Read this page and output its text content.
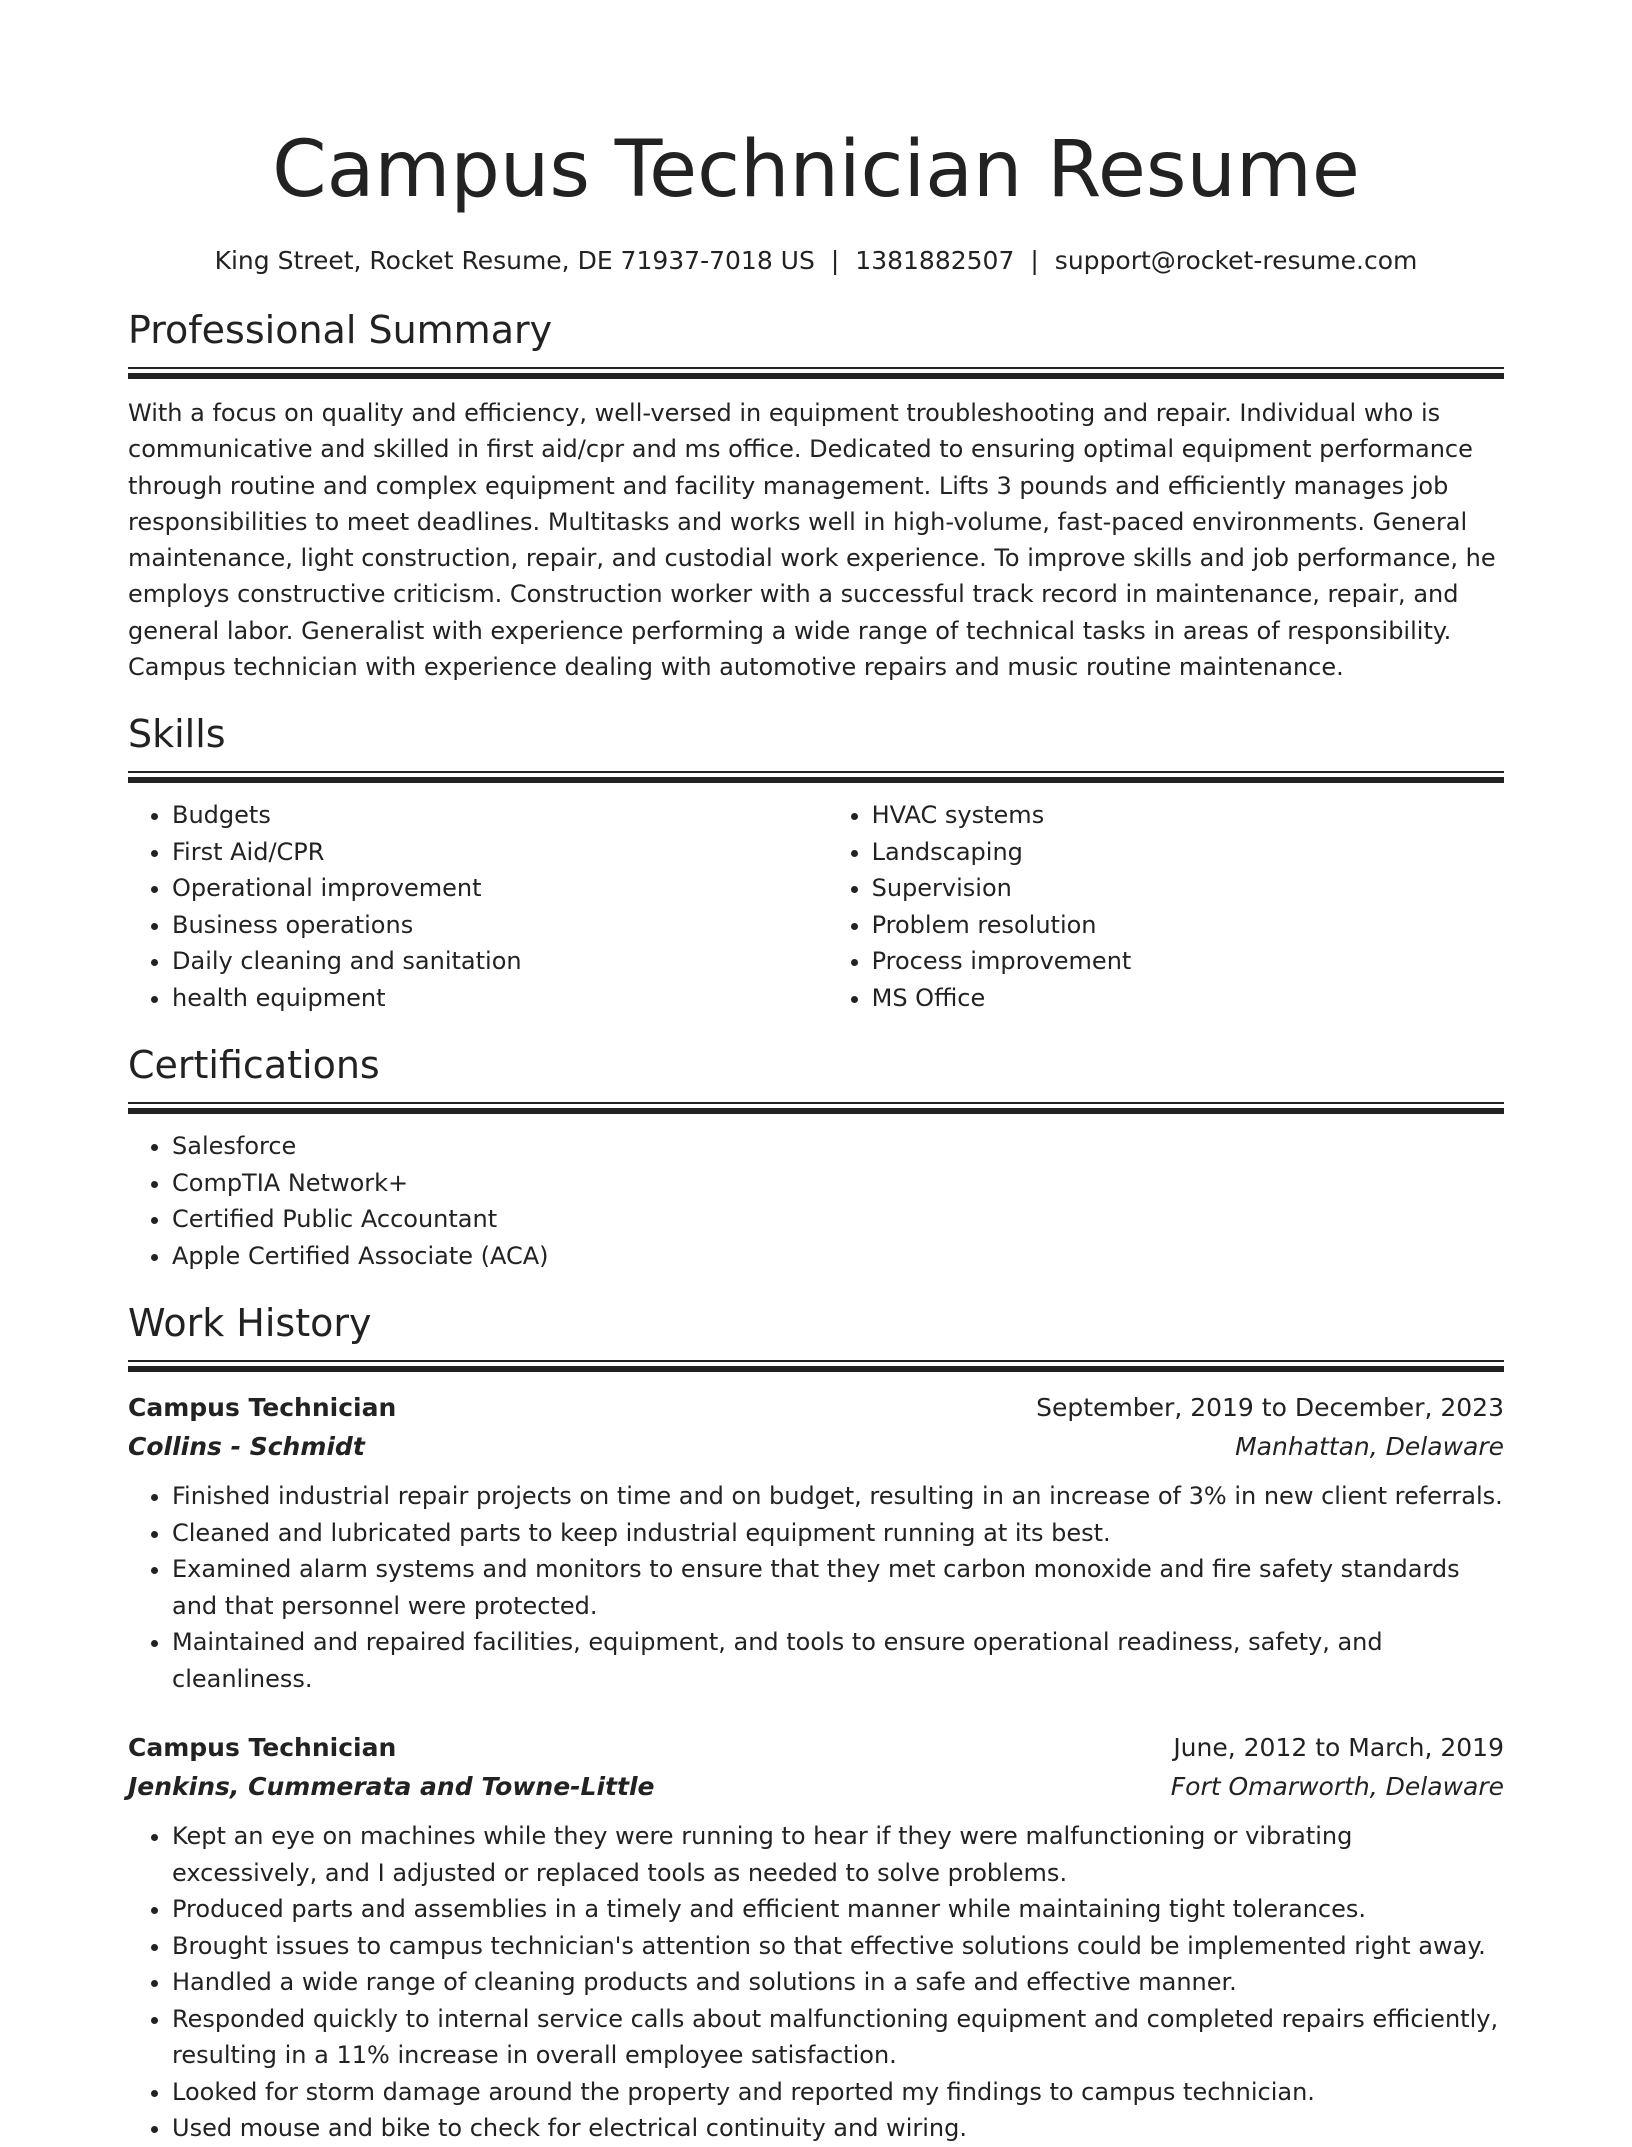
Campus Technician Resume
King Street, Rocket Resume, DE 71937-7018 US | 1381882507 | support@rocket-resume.com
Professional Summary

With a focus on quality and efficiency, well-versed in equipment troubleshooting and repair. Individual who is communicative and skilled in first aid/cpr and ms office. Dedicated to ensuring optimal equipment performance through routine and complex equipment and facility management. Lifts 3 pounds and efficiently manages job responsibilities to meet deadlines. Multitasks and works well in high-volume, fast-paced environments. General maintenance, light construction, repair, and custodial work experience. To improve skills and job performance, he employs constructive criticism. Construction worker with a successful track record in maintenance, repair, and general labor. Generalist with experience performing a wide range of technical tasks in areas of responsibility. Campus technician with experience dealing with automotive repairs and music routine maintenance.

Skills
• Budgets
• First Aid/CPR
• Operational improvement
• Business operations
• Daily cleaning and sanitation
• health equipment
• HVAC systems
• Landscaping
• Supervision
• Problem resolution
• Process improvement
• MS Office
Certifications
• Salesforce
• CompTIA Network+
• Certified Public Accountant
• Apple Certified Associate (ACA)
Work History
Campus Technician	September, 2019 to December, 2023
Collins - Schmidt	Manhattan, Delaware
• Finished industrial repair projects on time and on budget, resulting in an increase of 3% in new client referrals.
• Cleaned and lubricated parts to keep industrial equipment running at its best.
• Examined alarm systems and monitors to ensure that they met carbon monoxide and fire safety standards and that personnel were protected.
• Maintained and repaired facilities, equipment, and tools to ensure operational readiness, safety, and cleanliness.
Campus Technician	June, 2012 to March, 2019
Jenkins, Cummerata and Towne-Little	Fort Omarworth, Delaware
• Kept an eye on machines while they were running to hear if they were malfunctioning or vibrating excessively, and I adjusted or replaced tools as needed to solve problems.
• Produced parts and assemblies in a timely and efficient manner while maintaining tight tolerances.
• Brought issues to campus technician's attention so that effective solutions could be implemented right away.
• Handled a wide range of cleaning products and solutions in a safe and effective manner.
• Responded quickly to internal service calls about malfunctioning equipment and completed repairs efficiently, resulting in a 11% increase in overall employee satisfaction.
• Looked for storm damage around the property and reported my findings to campus technician.
• Used mouse and bike to check for electrical continuity and wiring.
